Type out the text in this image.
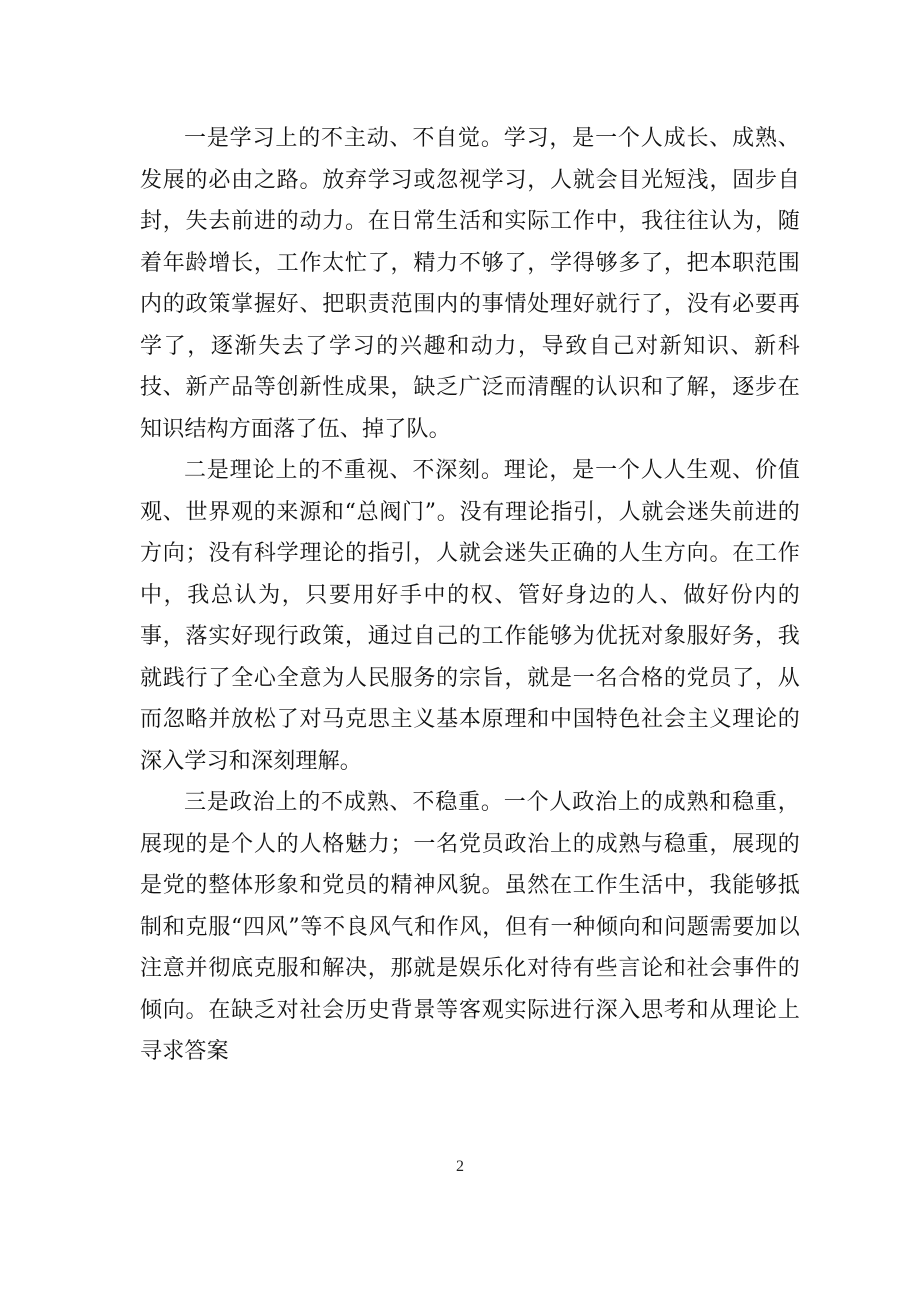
一是学习上的不主动、不自觉。学习，是一个人成长、成熟、发展的必由之路。放弃学习或忽视学习，人就会目光短浅，固步自封，失去前进的动力。在日常生活和实际工作中，我往往认为，随着年龄增长，工作太忙了，精力不够了，学得够多了，把本职范围内的政策掌握好、把职责范围内的事情处理好就行了，没有必要再学了，逐渐失去了学习的兴趣和动力，导致自己对新知识、新科技、新产品等创新性成果，缺乏广泛而清醒的认识和了解，逐步在知识结构方面落了伍、掉了队。

二是理论上的不重视、不深刻。理论，是一个人人生观、价值观、世界观的来源和“总阀门”。没有理论指引，人就会迷失前进的方向；没有科学理论的指引，人就会迷失正确的人生方向。在工作中，我总认为，只要用好手中的权、管好身边的人、做好份内的事，落实好现行政策，通过自己的工作能够为优抚对象服好务，我就践行了全心全意为人民服务的宗旨，就是一名合格的党员了，从而忽略并放松了对马克思主义基本原理和中国特色社会主义理论的深入学习和深刻理解。

三是政治上的不成熟、不稳重。一个人政治上的成熟和稳重，展现的是个人的人格魅力；一名党员政治上的成熟与稳重，展现的是党的整体形象和党员的精神风貌。虽然在工作生活中，我能够抵制和克服“四风”等不良风气和作风，但有一种倾向和问题需要加以注意并彻底克服和解决，那就是娱乐化对待有些言论和社会事件的倾向。在缺乏对社会历史背景等客观实际进行深入思考和从理论上寻求答案

2
